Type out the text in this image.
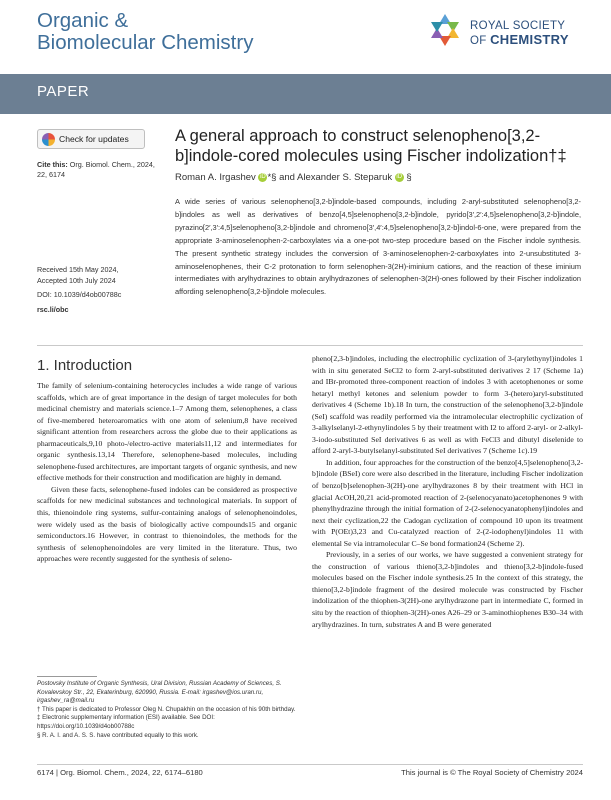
Organic &
Biomolecular Chemistry
ROYAL SOCIETY
OF CHEMISTRY
PAPER
Check for updates	A general approach to construct selenopheno[3,2-b]indole-cored molecules using Fischer indolization†‡
Roman A. Irgashev iD *§ and Alexander S. Steparuk iD §
Cite this: Org. Biomol. Chem., 2024, 22, 6174
Received 15th May 2024,
Accepted 10th July 2024
DOI: 10.1039/d4ob00788c
rsc.li/obc
A wide series of various selenopheno[3,2-b]indole-based compounds, including 2-aryl-substituted selenopheno[3,2-b]indoles as well as derivatives of benzo[4,5]selenopheno[3,2-b]indole, pyrido[3′,2′:4,5]selenopheno[3,2-b]indole, pyrazino[2′,3′:4,5]selenopheno[3,2-b]indole and chromeno[3′,4′:4,5]selenopheno[3,2-b]indol-6-one, were prepared from the appropriate 3-aminoselenophen-2-carboxylates via a one-pot two-step procedure based on the Fischer indole synthesis. The present synthetic strategy includes the conversion of 3-aminoselenophen-2-carboxylates into 2-unsubstituted 3-aminoselenophenes, their C-2 protonation to form selenophen-3(2H)-iminium cations, and the reaction of these iminium intermediates with arylhydrazines to obtain arylhydrazones of selenophen-3(2H)-ones followed by their Fischer indolization affording selenopheno[3,2-b]indole molecules.
1. Introduction

The family of selenium-containing heterocycles includes a wide range of various scaffolds, which are of great importance in the design of target molecules for both medicinal chemistry and materials science.1–7 Among them, selenophenes, a class of five-membered heteroaromatics with one atom of selenium,8 have received significant attention from researchers across the globe due to their applications as pharmaceuticals,9,10 photo-/electro-active materials11,12 and intermediates for organic synthesis.13,14 Therefore, selenophene-based molecules, including selenophene-fused architectures, are important targets of organic synthesis, and new effective methods for their construction and modification are highly in demand.

Given these facts, selenophene-fused indoles can be considered as prospective scaffolds for new medicinal substances and technological materials. In support of this, thienoindole ring systems, sulfur-containing analogs of selenophenoindoles, were widely used as the basis of biologically active compounds15 and organic semiconductors.16 However, in contrast to thienoindoles, the methods for the synthesis of selenophenoindoles are very limited in the literature. Thus, two approaches were recently suggested for the synthesis of seleno-

pheno[2,3-b]indoles, including the electrophilic cyclization of 3-(arylethynyl)indoles 1 with in situ generated SeCl2 to form 2-aryl-substituted derivatives 2 17 (Scheme 1a) and IBr-promoted three-component reaction of indoles 3 with acetophenones or some hetaryl methyl ketones and selenium powder to form 3-(hetero)aryl-substituted derivatives 4 (Scheme 1b).18 In turn, the construction of the selenopheno[3,2-b]indole (SeI) scaffold was readily performed via the intramolecular electrophilic cyclization of 3-alkylselanyl-2-ethynylindoles 5 by their treatment with I2 to afford 2-aryl- or 2-alkyl-3-iodo-substituted SeI derivatives 6 as well as with FeCl3 and dibutyl diselenide to afford 2-aryl-3-butylselanyl-substituted SeI derivatives 7 (Scheme 1c).19

In addition, four approaches for the construction of the benzo[4,5]selenopheno[3,2-b]indole (BSeI) core were also described in the literature, including Fischer indolization of benzo[b]selenophen-3(2H)-one arylhydrazones 8 by their treatment with HCl in glacial AcOH,20,21 acid-promoted reaction of 2-(selenocyanato)acetophenones 9 with phenylhydrazine through the initial formation of 2-(2-selenocyanatophenyl)indoles and next their cyclization,22 the Cadogan cyclization of compound 10 upon its treatment with P(OEt)3,23 and Cu-catalyzed reaction of 2-(2-iodophenyl)indoles 11 with elemental Se via intramolecular C–Se bond formation24 (Scheme 2).

Previously, in a series of our works, we have suggested a convenient strategy for the construction of various thieno[3,2-b]indoles and thieno[3,2-b]indole-fused molecules based on the Fischer indole synthesis.25 In the context of this strategy, the thieno[3,2-b]indole fragment of the desired molecule was constructed by Fischer indolization of the thiophen-3(2H)-one arylhydrazone part in intermediate C, formed in situ by the reaction of thiophen-3(2H)-ones A26–29 or 3-aminothiophenes B30–34 with arylhydrazines. In turn, substrates A and B were generated

Postovsky Institute of Organic Synthesis, Ural Division, Russian Academy of Sciences, S. Kovalevskoy Str., 22, Ekaterinburg, 620990, Russia. E-mail: irgashev@ios.uran.ru, irgashev_ra@mail.ru
† This paper is dedicated to Professor Oleg N. Chupakhin on the occasion of his 90th birthday.
‡ Electronic supplementary information (ESI) available. See DOI: https://doi.org/10.1039/d4ob00788c
§ R. A. I. and A. S. S. have contributed equally to this work.
6174 | Org. Biomol. Chem., 2024, 22, 6174–6180	This journal is © The Royal Society of Chemistry 2024
